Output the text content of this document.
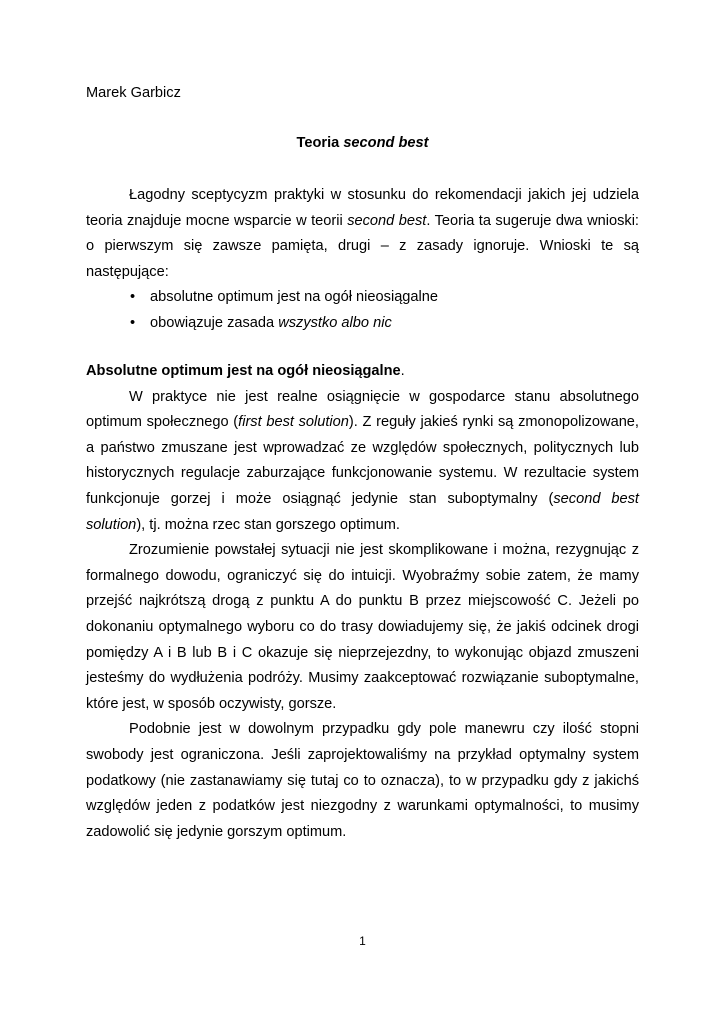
Marek Garbicz
Teoria second best

Łagodny sceptycyzm praktyki w stosunku do rekomendacji jakich jej udziela teoria znajduje mocne wsparcie w teorii second best. Teoria ta sugeruje dwa wnioski: o pierwszym się zawsze pamięta, drugi – z zasady ignoruje. Wnioski te są następujące:

• absolutne optimum jest na ogół nieosiągalne
• obowiązuje zasada wszystko albo nic

Absolutne optimum jest na ogół nieosiągalne.

W praktyce nie jest realne osiągnięcie w gospodarce stanu absolutnego optimum społecznego (first best solution). Z reguły jakieś rynki są zmonopolizowane, a państwo zmuszane jest wprowadzać ze względów społecznych, politycznych lub historycznych regulacje zaburzające funkcjonowanie systemu. W rezultacie system funkcjonuje gorzej i może osiągnąć jedynie stan suboptymalny (second best solution), tj. można rzec stan gorszego optimum.

Zrozumienie powstałej sytuacji nie jest skomplikowane i można, rezygnując z formalnego dowodu, ograniczyć się do intuicji. Wyobraźmy sobie zatem, że mamy przejść najkrótszą drogą z punktu A do punktu B przez miejscowość C. Jeżeli po dokonaniu optymalnego wyboru co do trasy dowiadujemy się, że jakiś odcinek drogi pomiędzy A i B lub B i C okazuje się nieprzejezdny, to wykonując objazd zmuszeni jesteśmy do wydłużenia podróży. Musimy zaakceptować rozwiązanie suboptymalne, które jest, w sposób oczywisty, gorsze.

Podobnie jest w dowolnym przypadku gdy pole manewru czy ilość stopni swobody jest ograniczona. Jeśli zaprojektowaliśmy na przykład optymalny system podatkowy (nie zastanawiamy się tutaj co to oznacza), to w przypadku gdy z jakichś względów jeden z podatków jest niezgodny z warunkami optymalności, to musimy zadowolić się jedynie gorszym optimum.

1
